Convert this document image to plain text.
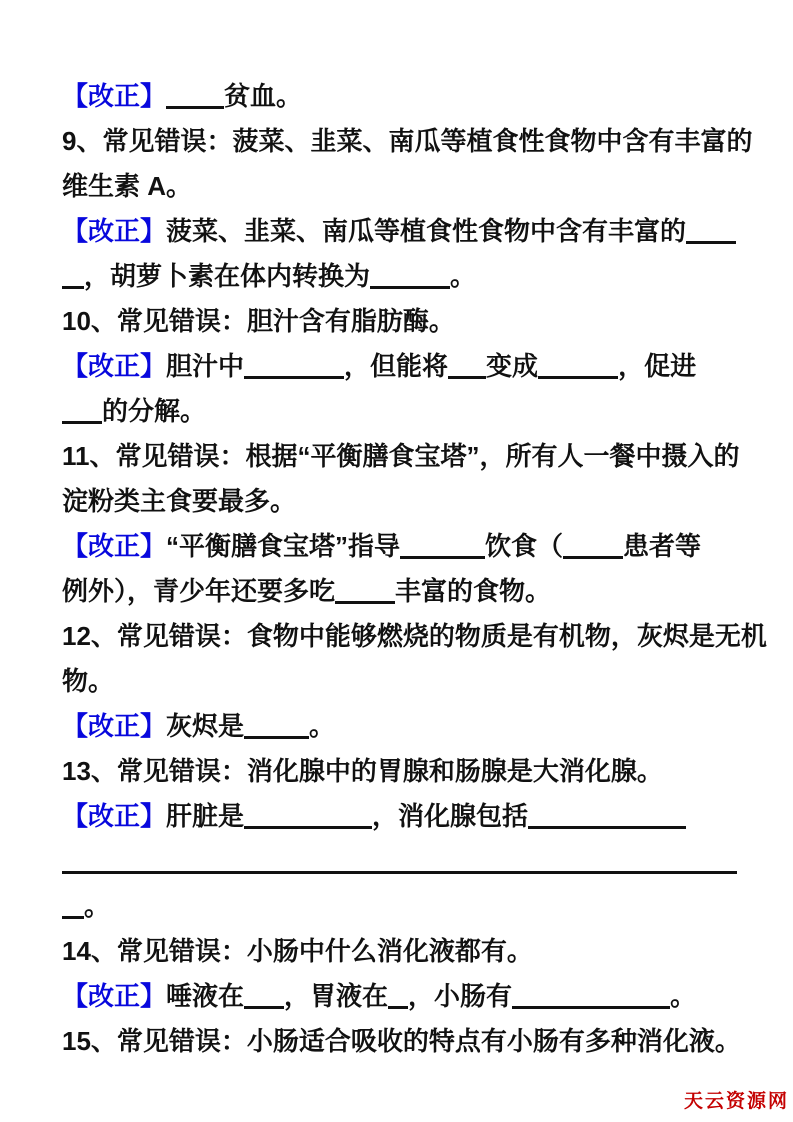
【改正】 贫血。
9、常见错误：菠菜、韭菜、南瓜等植食性食物中含有丰富的
维生素 A。
【改正】菠菜、韭菜、南瓜等植食性食物中含有丰富的
，胡萝卜素在体内转换为	。
10、常见错误：胆汁含有脂肪酶。
【改正】胆汁中	，但能将 变成	，促进
的分解。
11、常见错误：根据“平衡膳食宝塔”，所有人一餐中摄入的
淀粉类主食要最多。
【改正】“平衡膳食宝塔”指导	饮食（ 患者等
例外），青少年还要多吃 丰富的食物。
12、常见错误：食物中能够燃烧的物质是有机物，灰烬是无机
物。
【改正】灰烬是	。
13、常见错误：消化腺中的胃腺和肠腺是大消化腺。
【改正】肝脏是	，消化腺包括
。
14、常见错误：小肠中什么消化液都有。
【改正】唾液在 ，胃液在 ，小肠有	。
15、常见错误：小肠适合吸收的特点有小肠有多种消化液。
天云资源网
